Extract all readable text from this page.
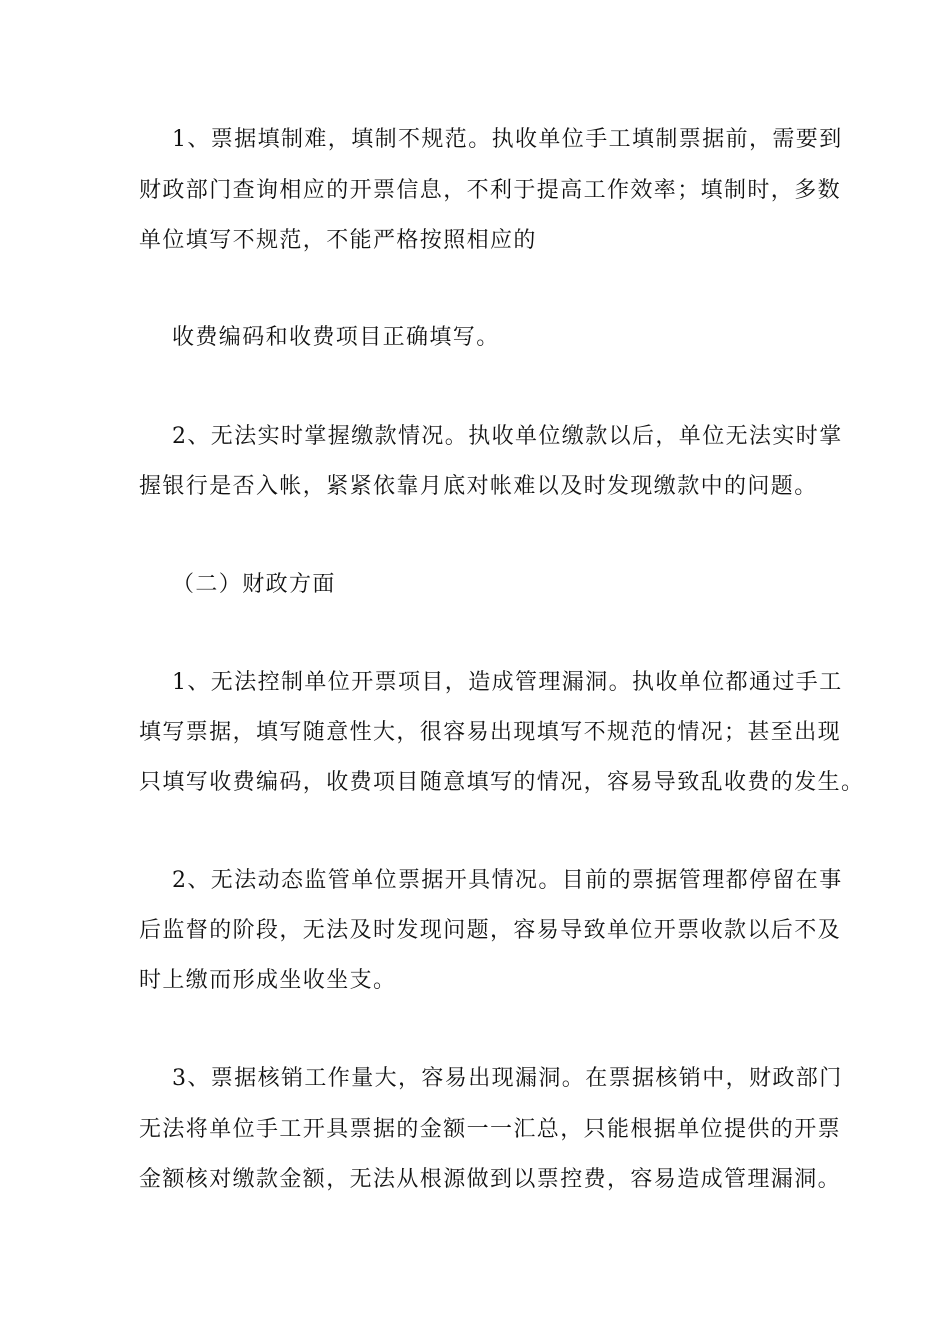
1、票据填制难，填制不规范。执收单位手工填制票据前，需要到

财政部门查询相应的开票信息，不利于提高工作效率；填制时，多数

单位填写不规范，不能严格按照相应的

收费编码和收费项目正确填写。

2、无法实时掌握缴款情况。执收单位缴款以后，单位无法实时掌

握银行是否入帐，紧紧依靠月底对帐难以及时发现缴款中的问题。

（二）财政方面

1、无法控制单位开票项目，造成管理漏洞。执收单位都通过手工

填写票据，填写随意性大，很容易出现填写不规范的情况；甚至出现

只填写收费编码，收费项目随意填写的情况，容易导致乱收费的发生。

2、无法动态监管单位票据开具情况。目前的票据管理都停留在事

后监督的阶段，无法及时发现问题，容易导致单位开票收款以后不及

时上缴而形成坐收坐支。

3、票据核销工作量大，容易出现漏洞。在票据核销中，财政部门

无法将单位手工开具票据的金额一一汇总，只能根据单位提供的开票

金额核对缴款金额，无法从根源做到以票控费，容易造成管理漏洞。
